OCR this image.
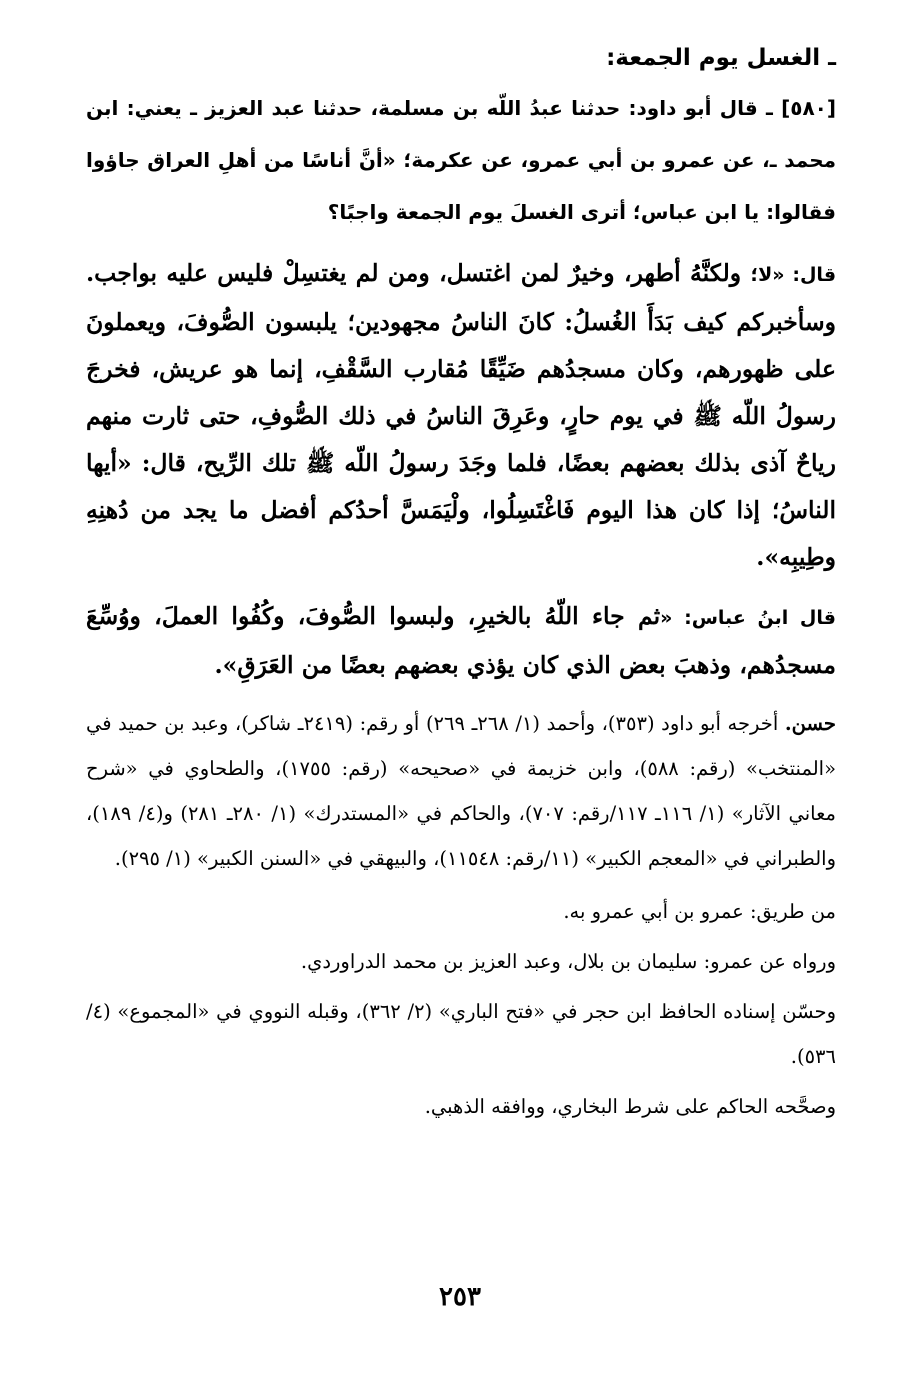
ـ الغسل يوم الجمعة:
[٥٨٠] ـ قال أبو داود: حدثنا عبدُ اللّه بن مسلمة، حدثنا عبد العزيز ـ يعني: ابن محمد ـ، عن عمرو بن أبي عمرو، عن عكرمة؛ «أنَّ أناسًا من أهلِ العراق جاؤوا فقالوا: يا ابن عباس؛ أترى الغسلَ يوم الجمعة واجبًا؟
قال: «لا؛ ولكنَّهُ أطهر، وخيرٌ لمن اغتسل، ومن لم يغتسِلْ فليس عليه بواجب. وسأخبركم كيف بَدَأَ الغُسلُ: كانَ الناسُ مجهودين؛ يلبسون الصُّوفَ، ويعملونَ على ظهورهم، وكان مسجدُهم ضَيِّقًا مُقارب السَّقْفِ، إنما هو عريش، فخرجَ رسولُ اللّه ﷺ في يوم حارٍ، وعَرِقَ الناسُ في ذلك الصُّوفِ، حتى ثارت منهم رياحٌ آذى بذلك بعضهم بعضًا، فلما وجَدَ رسولُ اللّه ﷺ تلك الرِّيح، قال: «أيها الناسُ؛ إذا كان هذا اليوم فَاغْتَسِلُوا، ولْيَمَسَّ أحدُكم أفضل ما يجد من دُهنِهِ وطِيبِه».
قال ابنُ عباس: «ثم جاء اللّهُ بالخيرِ، ولبسوا الصُّوفَ، وكُفُوا العملَ، ووُسِّعَ مسجدُهم، وذهبَ بعض الذي كان يؤذي بعضهم بعضًا من العَرَقِ».
حسن. أخرجه أبو داود (٣٥٣)، وأحمد (١/ ٢٦٨ـ ٢٦٩) أو رقم: (٢٤١٩ـ شاكر)، وعبد بن حميد في «المنتخب» (رقم: ٥٨٨)، وابن خزيمة في «صحيحه» (رقم: ١٧٥٥)، والطحاوي في «شرح معاني الآثار» (١/ ١١٦ـ ١١٧/رقم: ٧٠٧)، والحاكم في «المستدرك» (١/ ٢٨٠ـ ٢٨١) و(٤/ ١٨٩)، والطبراني في «المعجم الكبير» (١١/رقم: ١١٥٤٨)، والبيهقي في «السنن الكبير» (١/ ٢٩٥).
من طريق: عمرو بن أبي عمرو به.
ورواه عن عمرو: سليمان بن بلال، وعبد العزيز بن محمد الدراوردي.
وحسّن إسناده الحافظ ابن حجر في «فتح الباري» (٢/ ٣٦٢)، وقبله النووي في «المجموع» (٤/ ٥٣٦).
وصحَّحه الحاكم على شرط البخاري، ووافقه الذهبي.
٢٥٣
